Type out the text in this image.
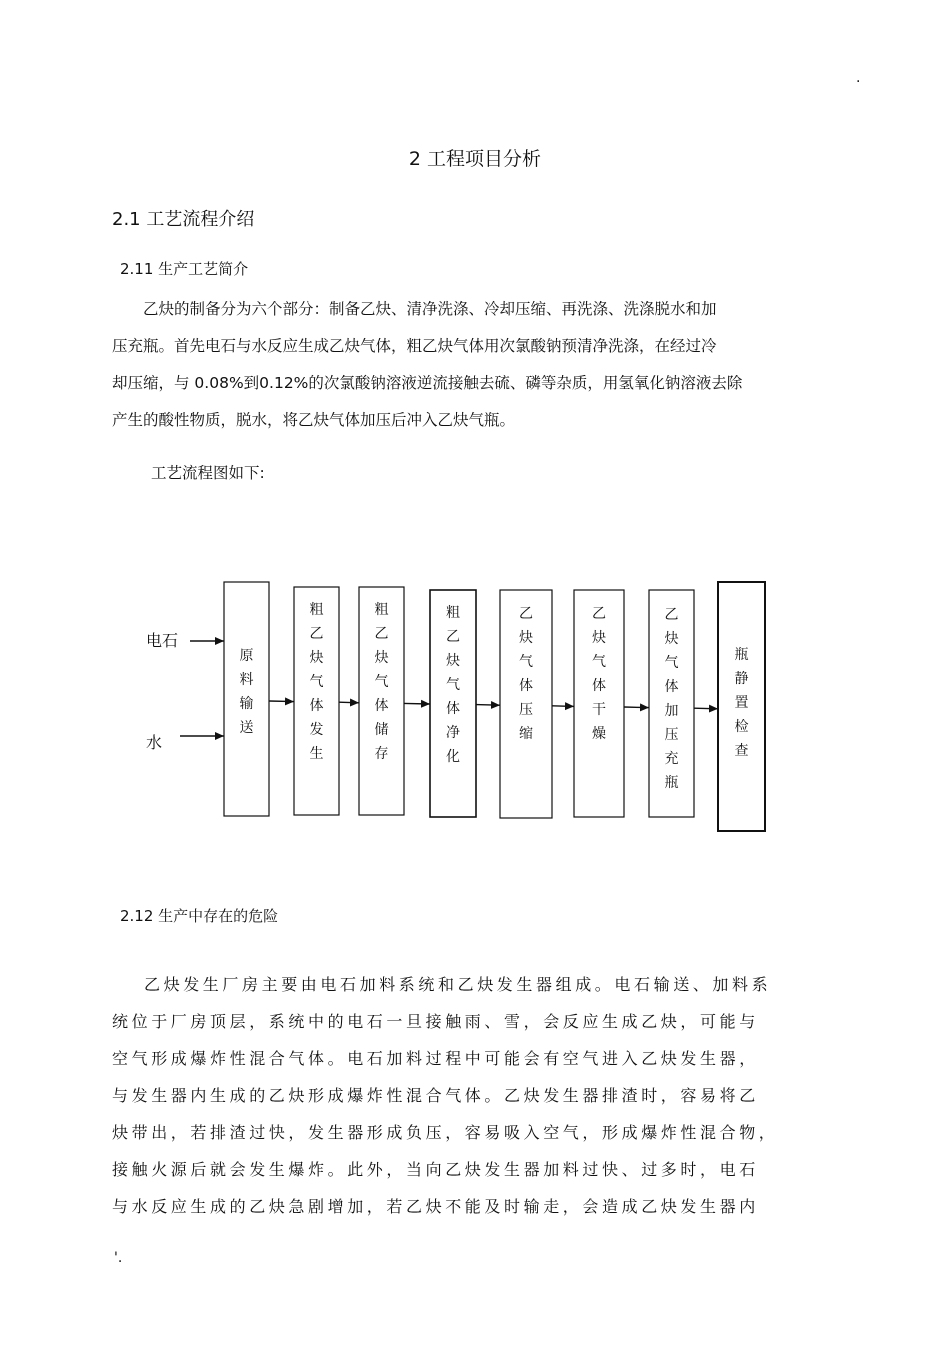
·
2 工程项目分析
2.1 工艺流程介绍
2.11 生产工艺简介

乙炔的制备分为六个部分：制备乙炔、清净洗涤、冷却压缩、再洗涤、洗涤脱水和加

压充瓶。首先电石与水反应生成乙炔气体，粗乙炔气体用次氯酸钠预清净洗涤，在经过冷

却压缩，与 0.08%到0.12%的次氯酸钠溶液逆流接触去硫、磷等杂质，用氢氧化钠溶液去除

产生的酸性物质，脱水，将乙炔气体加压后冲入乙炔气瓶。

工艺流程图如下:
原
料
输
送
粗
乙
炔
气
体
发
生
粗
乙
炔
气
体
储
存
粗
乙
炔
气
体
净
化
乙
炔
气
体
压
缩
乙
炔
气
体
干
燥
乙
炔
气
体
加
压
充
瓶
瓶
静
置
检
查
电石
水
2.12 生产中存在的危险

乙炔发生厂房主要由电石加料系统和乙炔发生器组成。电石输送、加料系

统位于厂房顶层，系统中的电石一旦接触雨、雪，会反应生成乙炔，可能与

空气形成爆炸性混合气体。电石加料过程中可能会有空气进入乙炔发生器，

与发生器内生成的乙炔形成爆炸性混合气体。乙炔发生器排渣时，容易将乙

炔带出，若排渣过快，发生器形成负压，容易吸入空气，形成爆炸性混合物，

接触火源后就会发生爆炸。此外，当向乙炔发生器加料过快、过多时，电石

与水反应生成的乙炔急剧增加，若乙炔不能及时输走，会造成乙炔发生器内

'.
